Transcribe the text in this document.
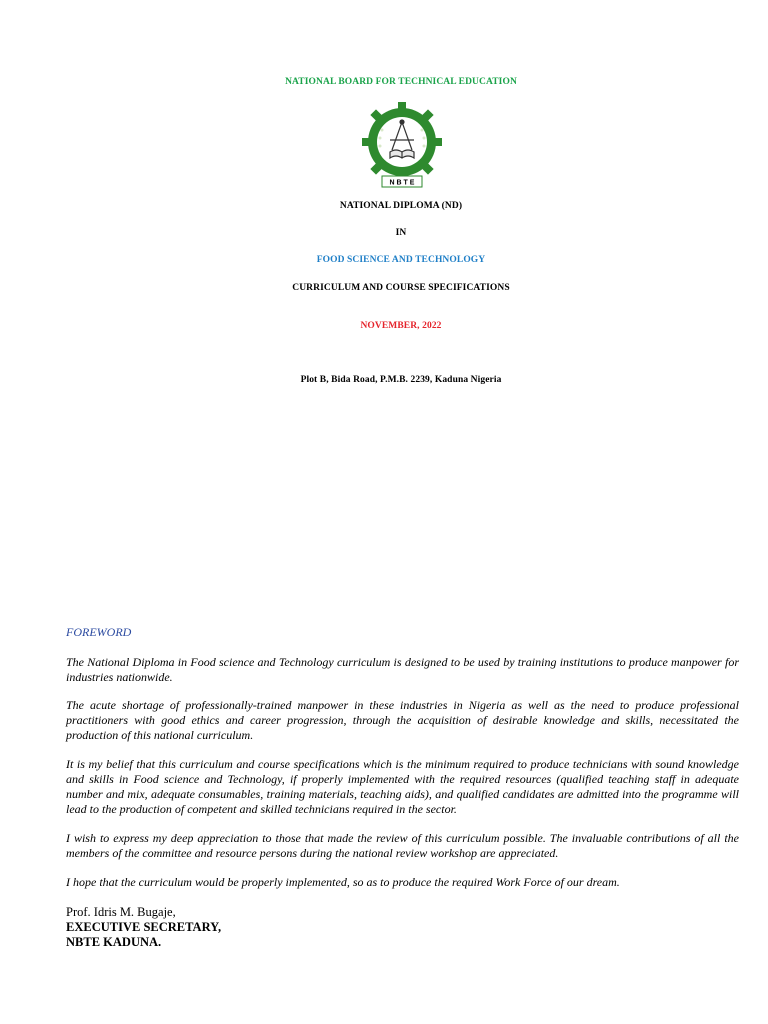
NATIONAL BOARD FOR TECHNICAL EDUCATION
N B T E
NATIONAL DIPLOMA (ND)
IN
FOOD SCIENCE AND TECHNOLOGY
CURRICULUM AND COURSE SPECIFICATIONS
NOVEMBER, 2022
Plot B, Bida Road, P.M.B. 2239, Kaduna Nigeria
FOREWORD
The National Diploma in Food science and Technology curriculum is designed to be used by training institutions to produce manpower for industries nationwide.
The acute shortage of professionally-trained manpower in these industries in Nigeria as well as the need to produce professional practitioners with good ethics and career progression, through the acquisition of desirable knowledge and skills, necessitated the production of this national curriculum.
It is my belief that this curriculum and course specifications which is the minimum required to produce technicians with sound knowledge and skills in Food science and Technology, if properly implemented with the required resources (qualified teaching staff in adequate number and mix, adequate consumables, training materials, teaching aids), and qualified candidates are admitted into the programme will lead to the production of competent and skilled technicians required in the sector.
I wish to express my deep appreciation to those that made the review of this curriculum possible. The invaluable contributions of all the members of the committee and resource persons during the national review workshop are appreciated.
I hope that the curriculum would be properly implemented, so as to produce the required Work Force of our dream.
Prof. Idris M. Bugaje,
EXECUTIVE SECRETARY,
NBTE KADUNA.
